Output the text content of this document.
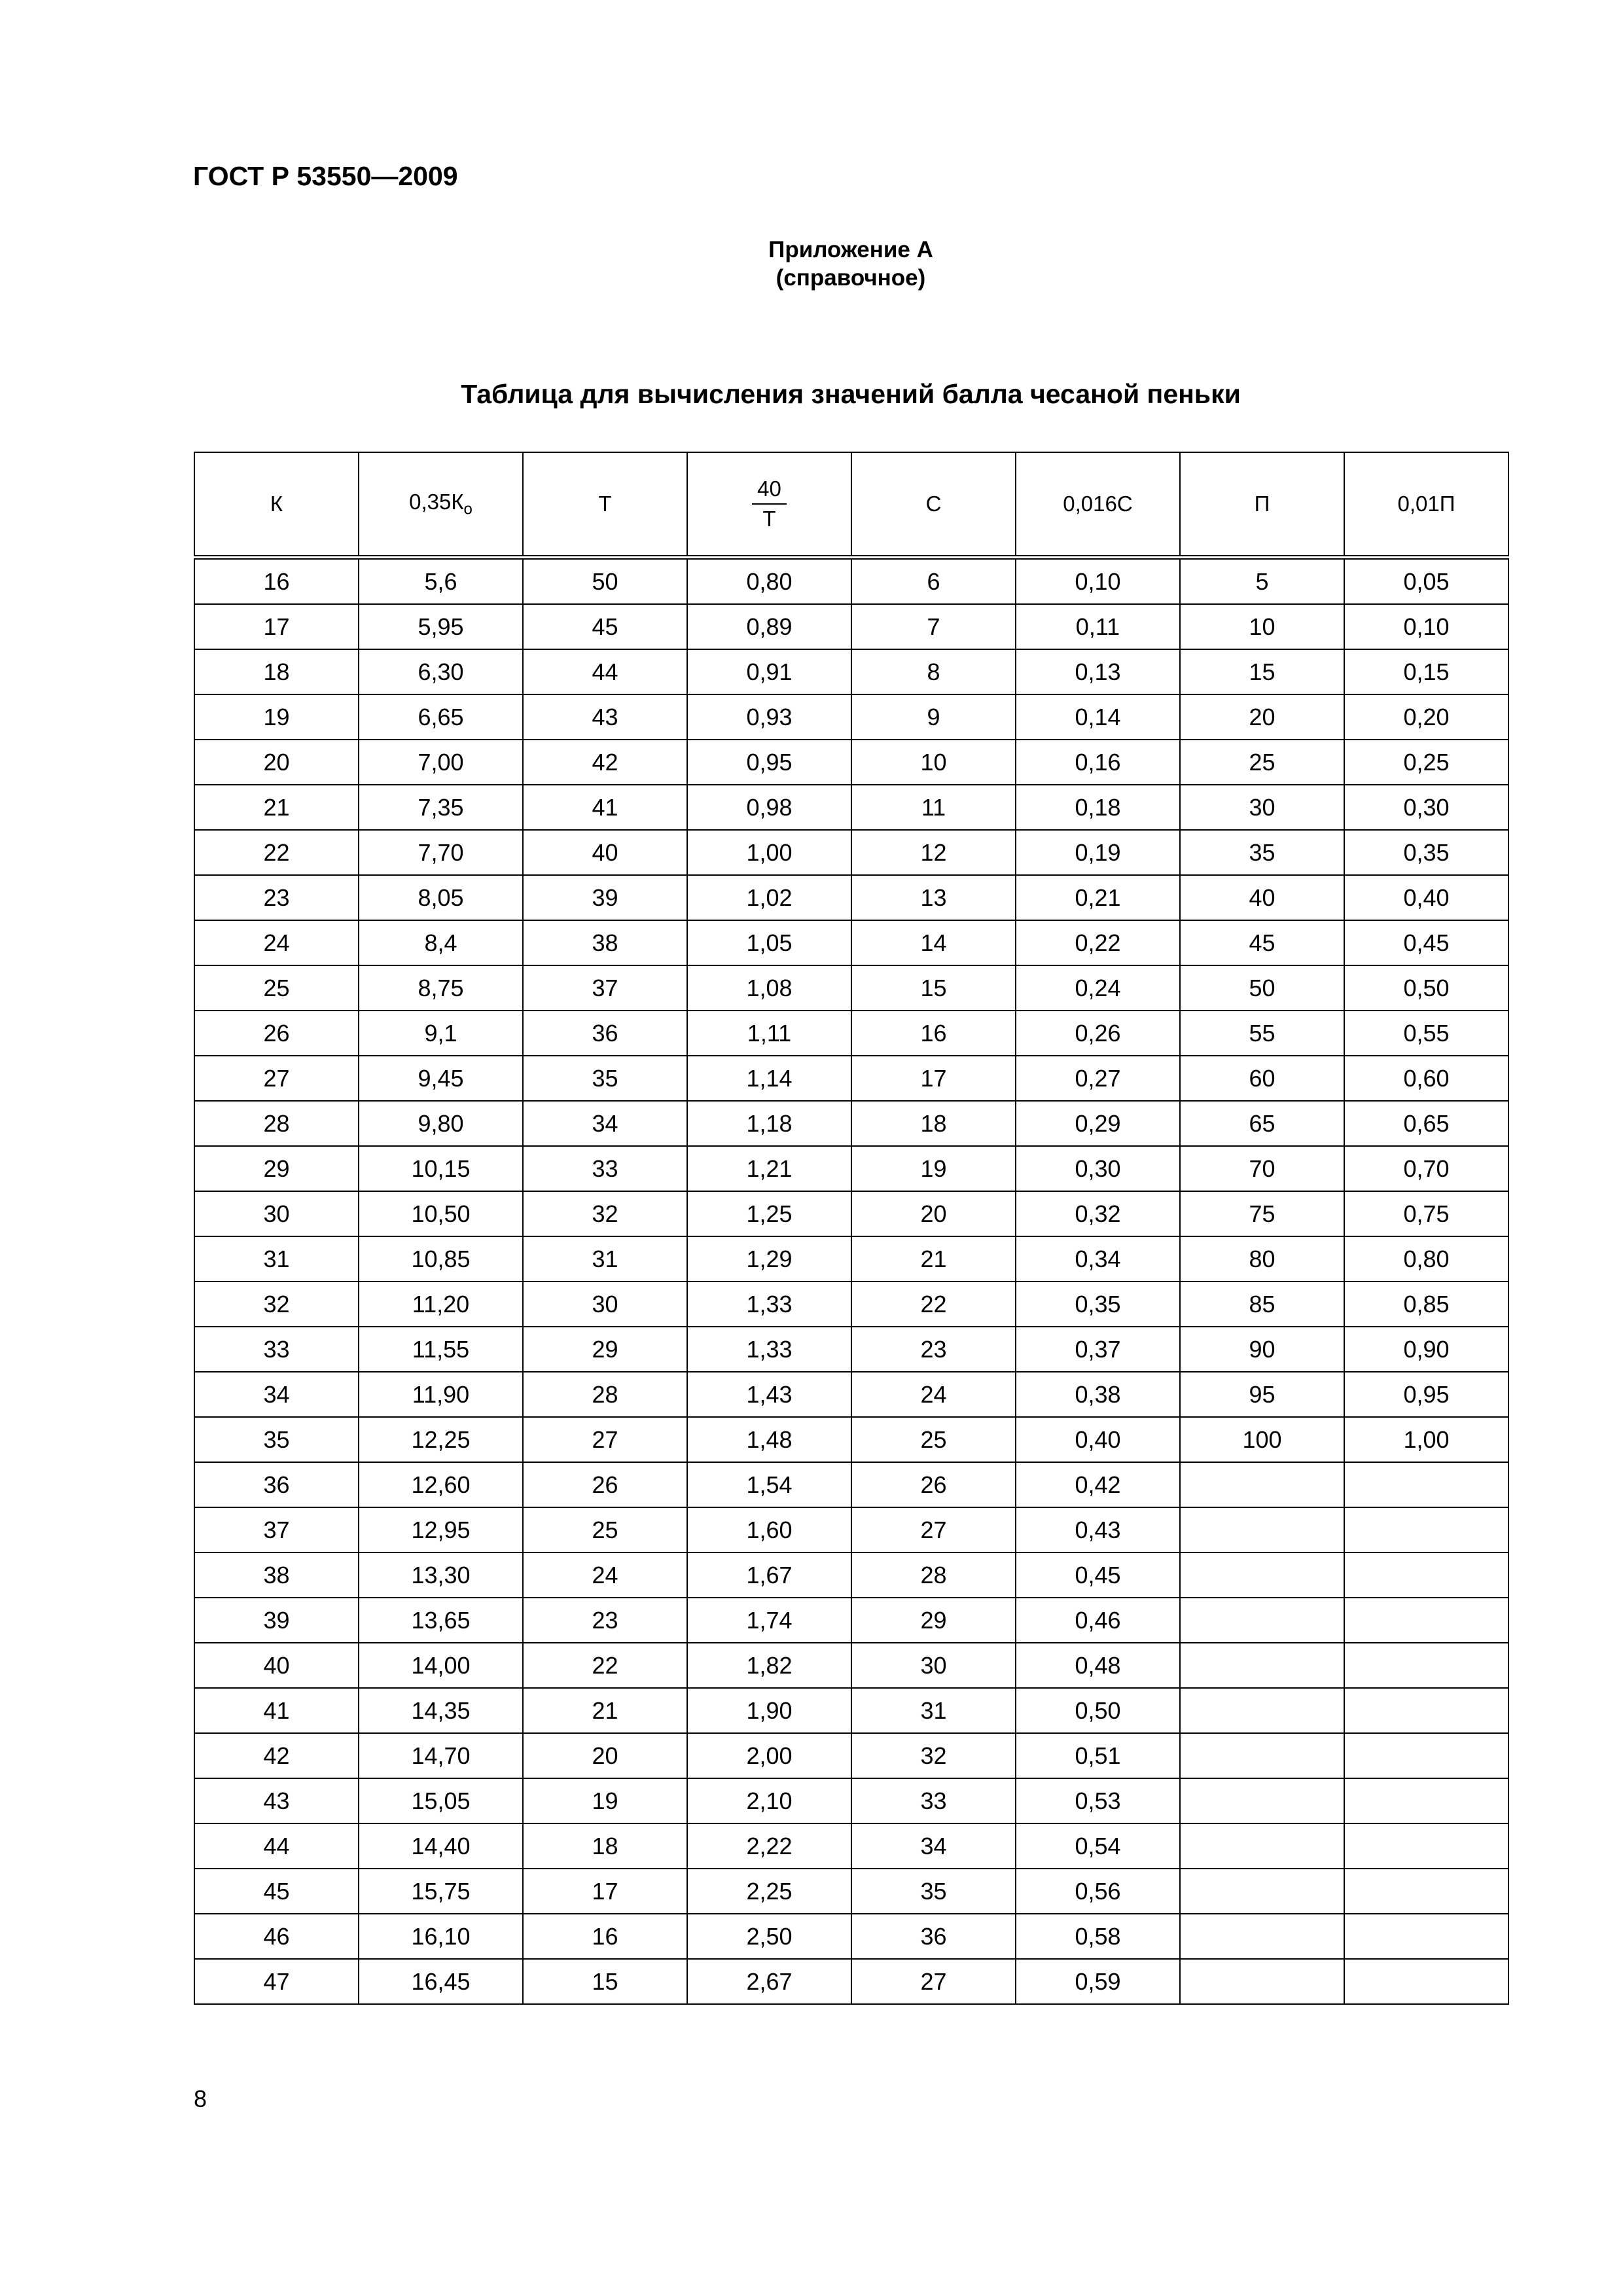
ГОСТ Р 53550—2009
Приложение А
(справочное)
Таблица для вычисления значений балла чесаной пеньки
К	$0,35К_о$	Т	$\frac{40}{Т}$	С	0,016С	П	0,01П
16	5,6	50	0,80	6	0,10	5	0,05
17	5,95	45	0,89	7	0,11	10	0,10
18	6,30	44	0,91	8	0,13	15	0,15
19	6,65	43	0,93	9	0,14	20	0,20
20	7,00	42	0,95	10	0,16	25	0,25
21	7,35	41	0,98	11	0,18	30	0,30
22	7,70	40	1,00	12	0,19	35	0,35
23	8,05	39	1,02	13	0,21	40	0,40
24	8,4	38	1,05	14	0,22	45	0,45
25	8,75	37	1,08	15	0,24	50	0,50
26	9,1	36	1,11	16	0,26	55	0,55
27	9,45	35	1,14	17	0,27	60	0,60
28	9,80	34	1,18	18	0,29	65	0,65
29	10,15	33	1,21	19	0,30	70	0,70
30	10,50	32	1,25	20	0,32	75	0,75
31	10,85	31	1,29	21	0,34	80	0,80
32	11,20	30	1,33	22	0,35	85	0,85
33	11,55	29	1,33	23	0,37	90	0,90
34	11,90	28	1,43	24	0,38	95	0,95
35	12,25	27	1,48	25	0,40	100	1,00
36	12,60	26	1,54	26	0,42		
37	12,95	25	1,60	27	0,43		
38	13,30	24	1,67	28	0,45		
39	13,65	23	1,74	29	0,46		
40	14,00	22	1,82	30	0,48		
41	14,35	21	1,90	31	0,50		
42	14,70	20	2,00	32	0,51		
43	15,05	19	2,10	33	0,53		
44	14,40	18	2,22	34	0,54		
45	15,75	17	2,25	35	0,56		
46	16,10	16	2,50	36	0,58		
47	16,45	15	2,67	27	0,59		
8
